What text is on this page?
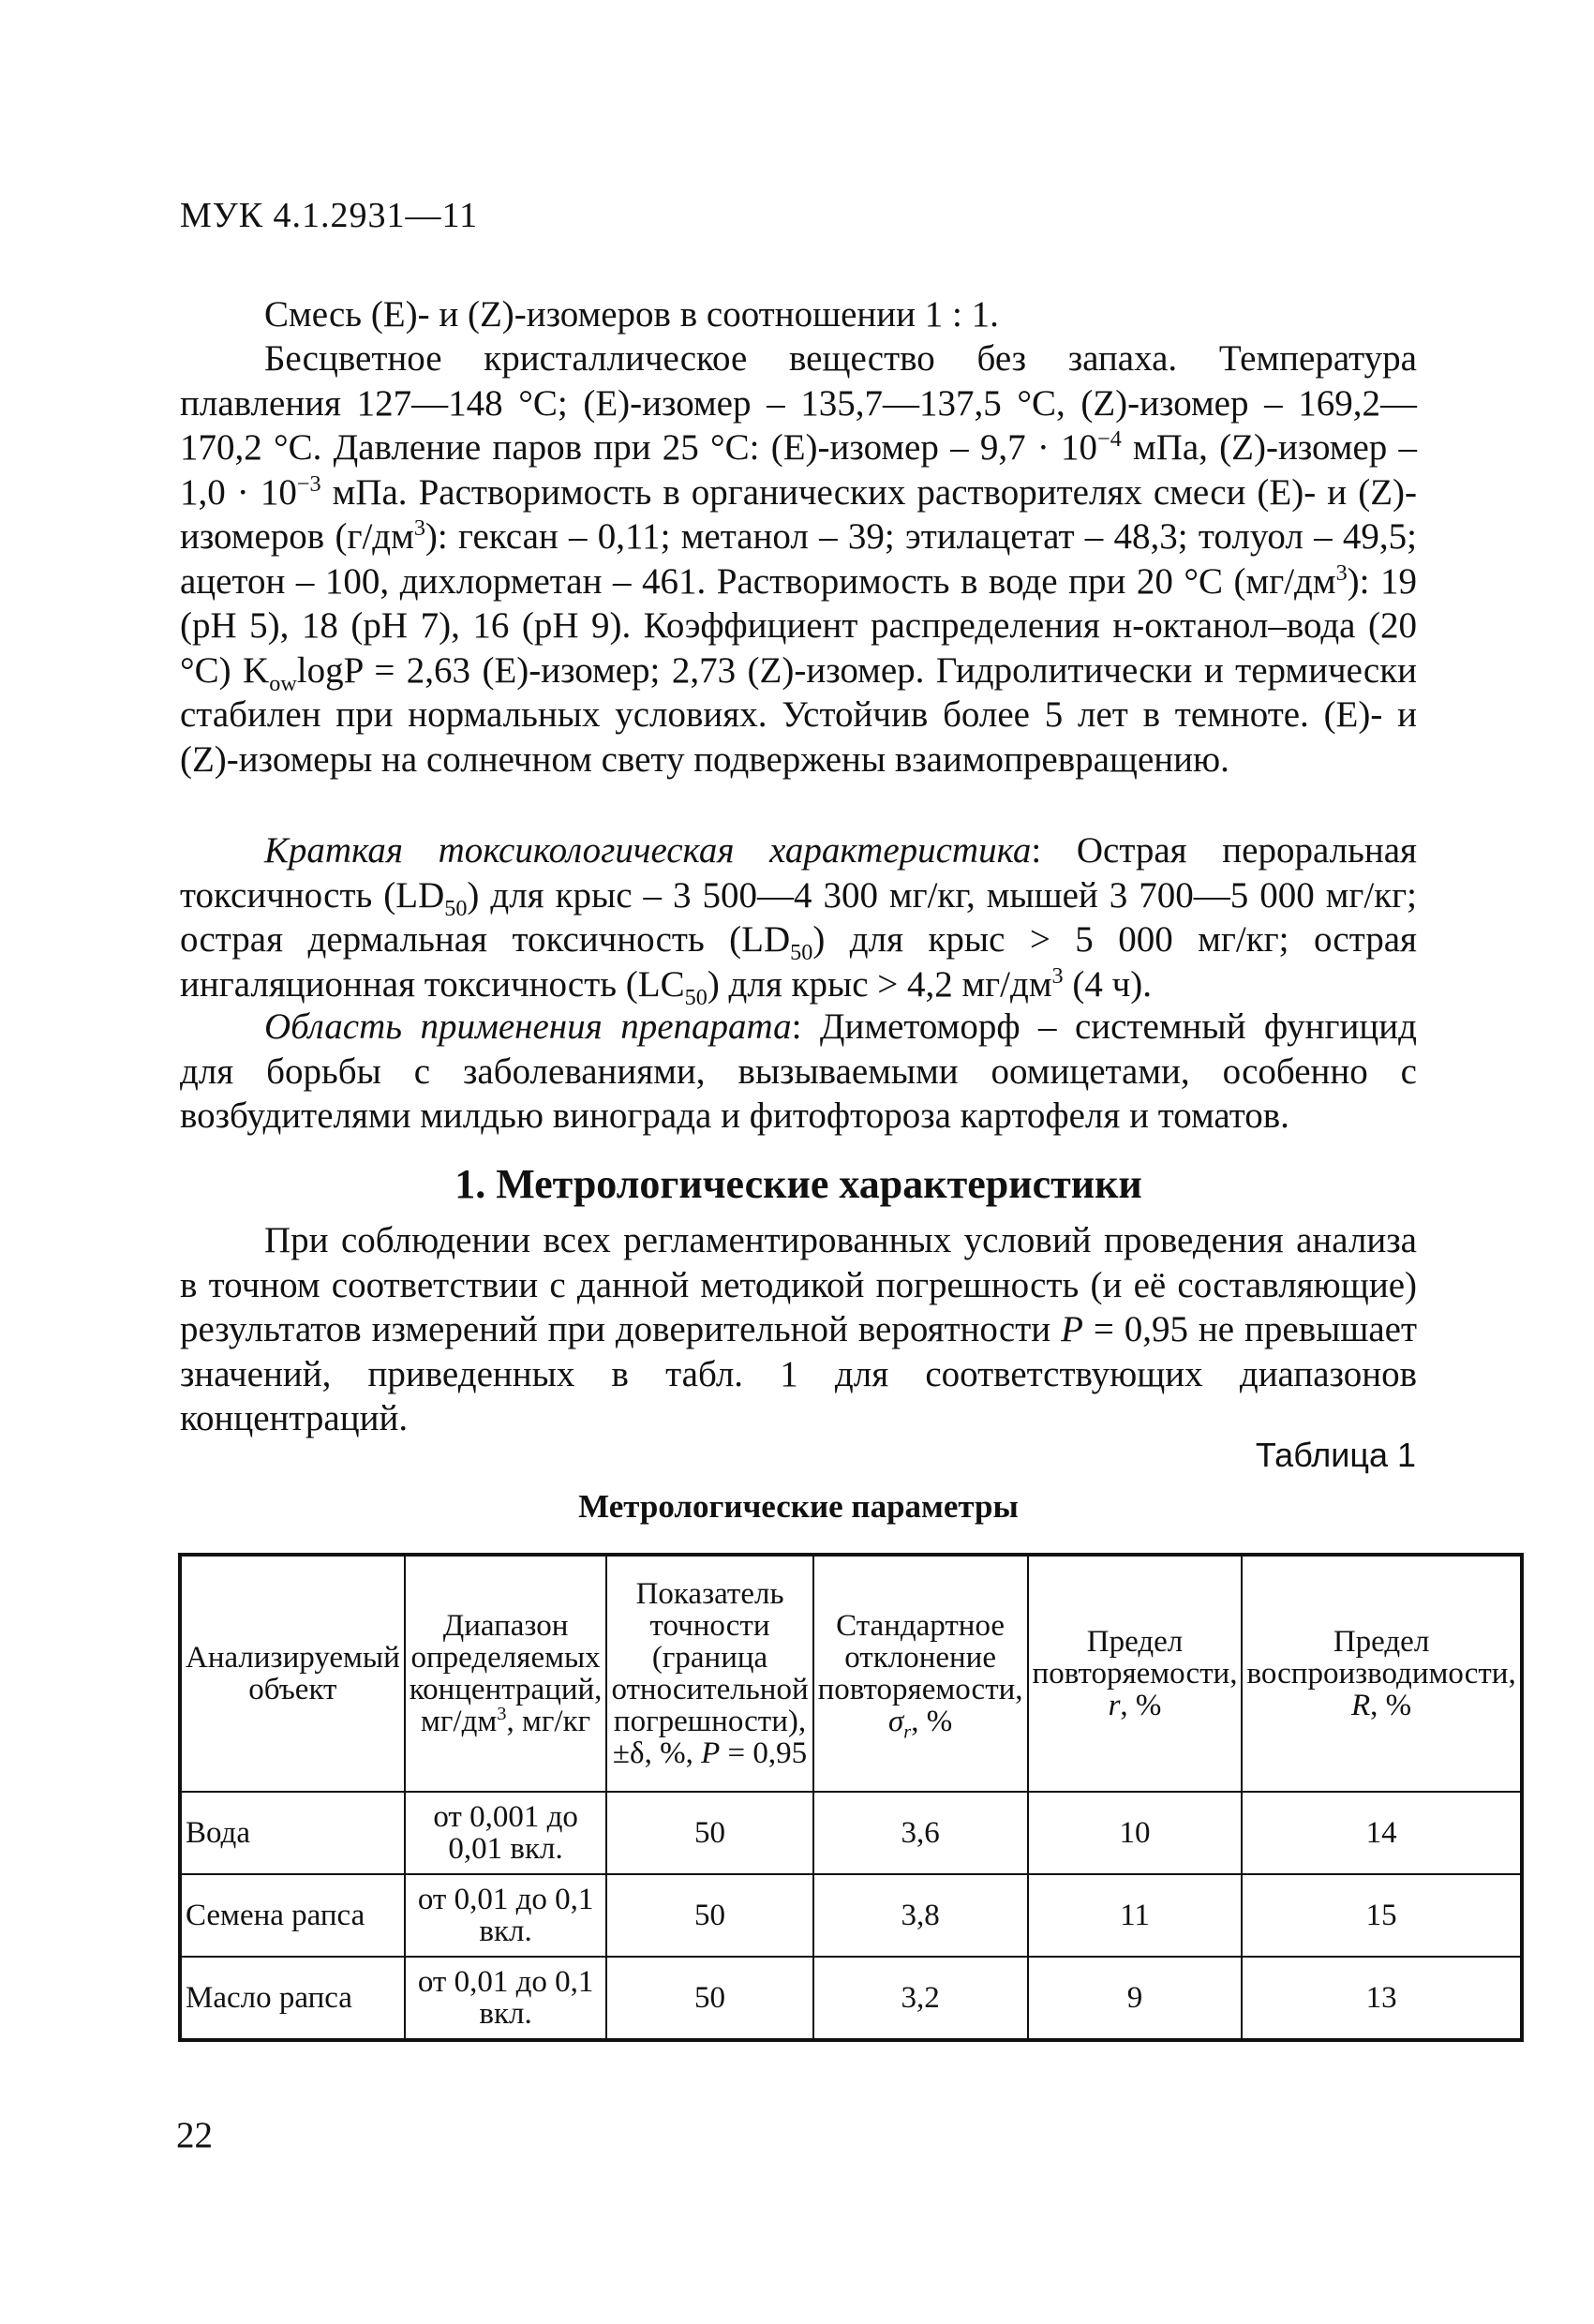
МУК 4.1.2931—11

Смесь (Е)- и (Z)-изомеров в соотношении 1 : 1.

Бесцветное кристаллическое вещество без запаха. Температура плавления 127—148 °С; (Е)-изомер – 135,7—137,5 °С, (Z)-изомер – 169,2—170,2 °С. Давление паров при 25 °С: (Е)-изомер – $9,7 \cdot 10^{-4}$ мПа, (Z)-изомер – $1,0 \cdot 10^{-3}$ мПа. Растворимость в органических растворителях смеси (Е)- и (Z)-изомеров $(г/дм^3)$: гексан – 0,11; метанол – 39; этилацетат – 48,3; толуол – 49,5; ацетон – 100, дихлорметан – 461. Растворимость в воде при 20 °С $(мг/дм^3)$: 19 (рН 5), 18 (рН 7), 16 (рН 9). Коэффициент распределения н-октанол–вода (20 °С) $K_{ow}\log P = 2,63$ (Е)-изомер; 2,73 (Z)-изомер. Гидролитически и термически стабилен при нормальных условиях. Устойчив более 5 лет в темноте. (Е)- и (Z)-изомеры на солнечном свету подвержены взаимопревращению.

Краткая токсикологическая характеристика: Острая пероральная токсичность $(LD_{50})$ для крыс – 3 500—4 300 мг/кг, мышей 3 700—5 000 мг/кг; острая дермальная токсичность $(LD_{50})$ для крыс > 5 000 мг/кг; острая ингаляционная токсичность $(LC_{50})$ для крыс > 4,2 $мг/дм^3$ (4 ч).

Область применения препарата: Диметоморф – системный фунгицид для борьбы с заболеваниями, вызываемыми оомицетами, особенно с возбудителями милдью винограда и фитофтороза картофеля и томатов.

1. Метрологические характеристики

При соблюдении всех регламентированных условий проведения анализа в точном соответствии с данной методикой погрешность (и её составляющие) результатов измерений при доверительной вероятности P = 0,95 не превышает значений, приведенных в табл. 1 для соответствующих диапазонов концентраций.

Таблица 1
Метрологические параметры
Анализируемый объект	Диапазон определяемых концентраций, $мг/дм^3$, мг/кг	Показатель точности (граница относительной погрешности), ±δ, %, P = 0,95	Стандартное отклонение повторяемости, $\sigma_r$, %	Предел повторяемости, r, %	Предел воспроизводимости, R, %
Вода	от 0,001 до 0,01 вкл.	50	3,6	10	14
Семена рапса	от 0,01 до 0,1 вкл.	50	3,8	11	15
Масло рапса	от 0,01 до 0,1 вкл.	50	3,2	9	13
22
